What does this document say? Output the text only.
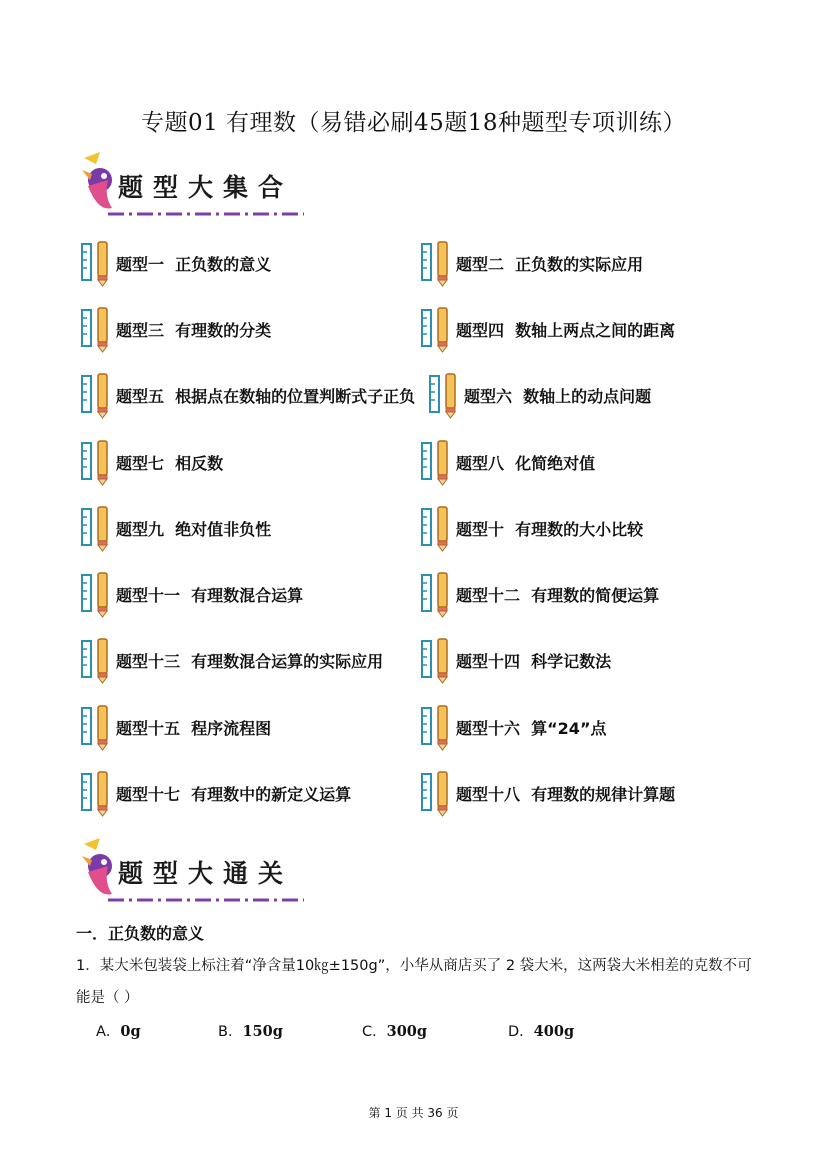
专题01 有理数（易错必刷45题18种题型专项训练）
题型大集合
题型一 正负数的意义	题型二 正负数的实际应用
题型三 有理数的分类	题型四 数轴上两点之间的距离
题型五 根据点在数轴的位置判断式子正负	题型六 数轴上的动点问题
题型七 相反数	题型八 化简绝对值
题型九 绝对值非负性	题型十 有理数的大小比较
题型十一 有理数混合运算	题型十二 有理数的简便运算
题型十三 有理数混合运算的实际应用	题型十四 科学记数法
题型十五 程序流程图	题型十六 算“24”点
题型十七 有理数中的新定义运算	题型十八 有理数的规律计算题
题型大通关
一．正负数的意义
1．某大米包装袋上标注着“净含量10㎏±150g”，小华从商店买了 2 袋大米，这两袋大米相差的克数不可能是（ ）
A．0g	B．150g	C．300g	D．400g
第 1 页 共 36 页
